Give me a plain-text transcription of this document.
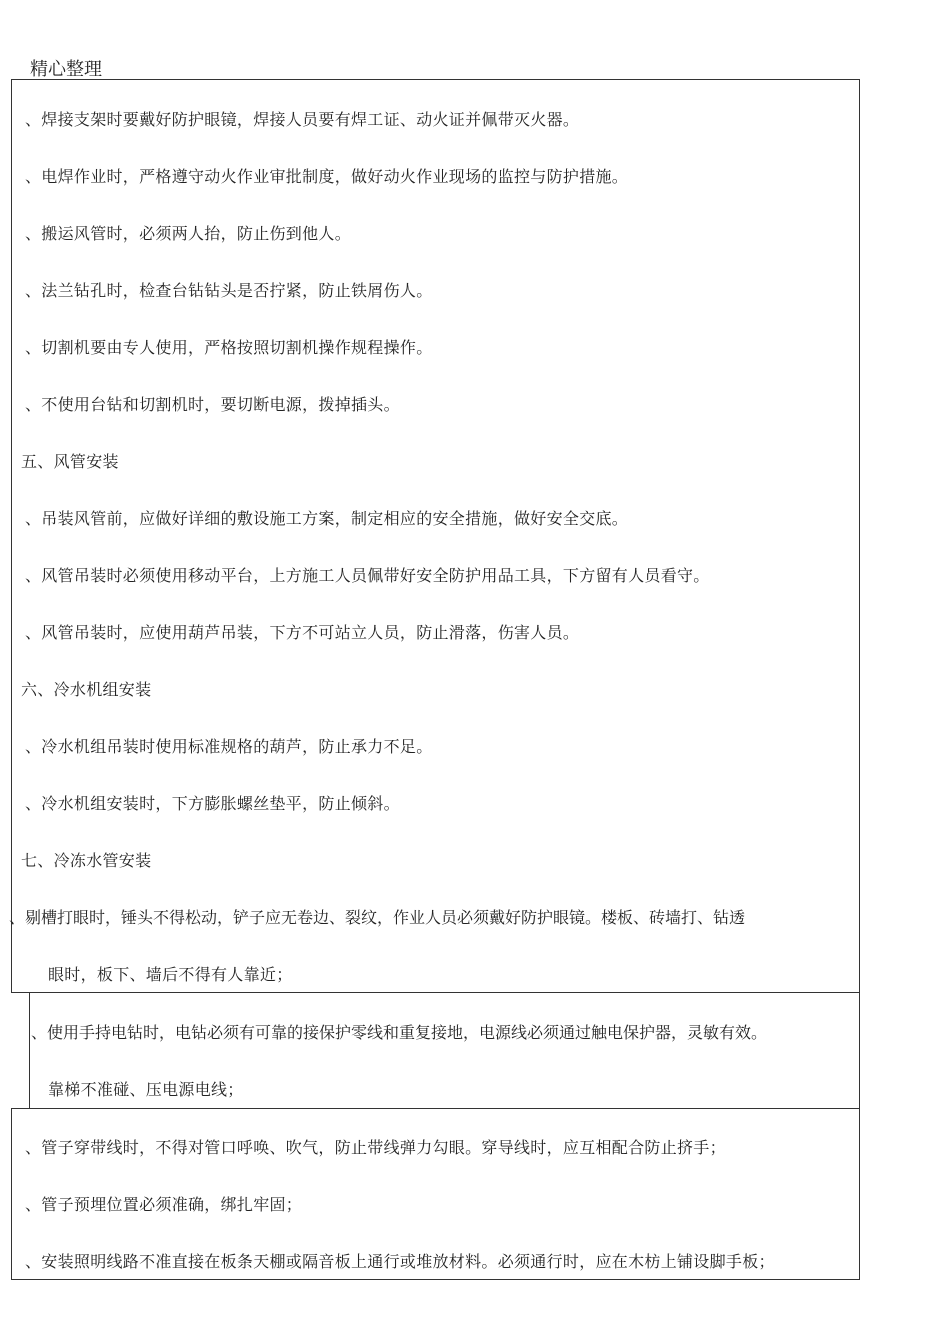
精心整理
、焊接支架时要戴好防护眼镜，焊接人员要有焊工证、动火证并佩带灭火器。
、电焊作业时，严格遵守动火作业审批制度，做好动火作业现场的监控与防护措施。
、搬运风管时，必须两人抬，防止伤到他人。
、法兰钻孔时，检查台钻钻头是否拧紧，防止铁屑伤人。
、切割机要由专人使用，严格按照切割机操作规程操作。
、不使用台钻和切割机时，要切断电源，拨掉插头。
五、风管安装
、吊装风管前，应做好详细的敷设施工方案，制定相应的安全措施，做好安全交底。
、风管吊装时必须使用移动平台，上方施工人员佩带好安全防护用品工具，下方留有人员看守。
、风管吊装时，应使用葫芦吊装，下方不可站立人员，防止滑落，伤害人员。
六、冷水机组安装
、冷水机组吊装时使用标准规格的葫芦，防止承力不足。
、冷水机组安装时，下方膨胀螺丝垫平，防止倾斜。
七、冷冻水管安装
、剔槽打眼时，锤头不得松动，铲子应无卷边、裂纹，作业人员必须戴好防护眼镜。楼板、砖墙打、钻透
眼时，板下、墙后不得有人靠近；
、使用手持电钻时，电钻必须有可靠的接保护零线和重复接地，电源线必须通过触电保护器，灵敏有效。
靠梯不准碰、压电源电线；
、管子穿带线时，不得对管口呼唤、吹气，防止带线弹力勾眼。穿导线时，应互相配合防止挤手；
、管子预埋位置必须准确，绑扎牢固；
、安装照明线路不准直接在板条天棚或隔音板上通行或堆放材料。必须通行时，应在木枋上铺设脚手板；
